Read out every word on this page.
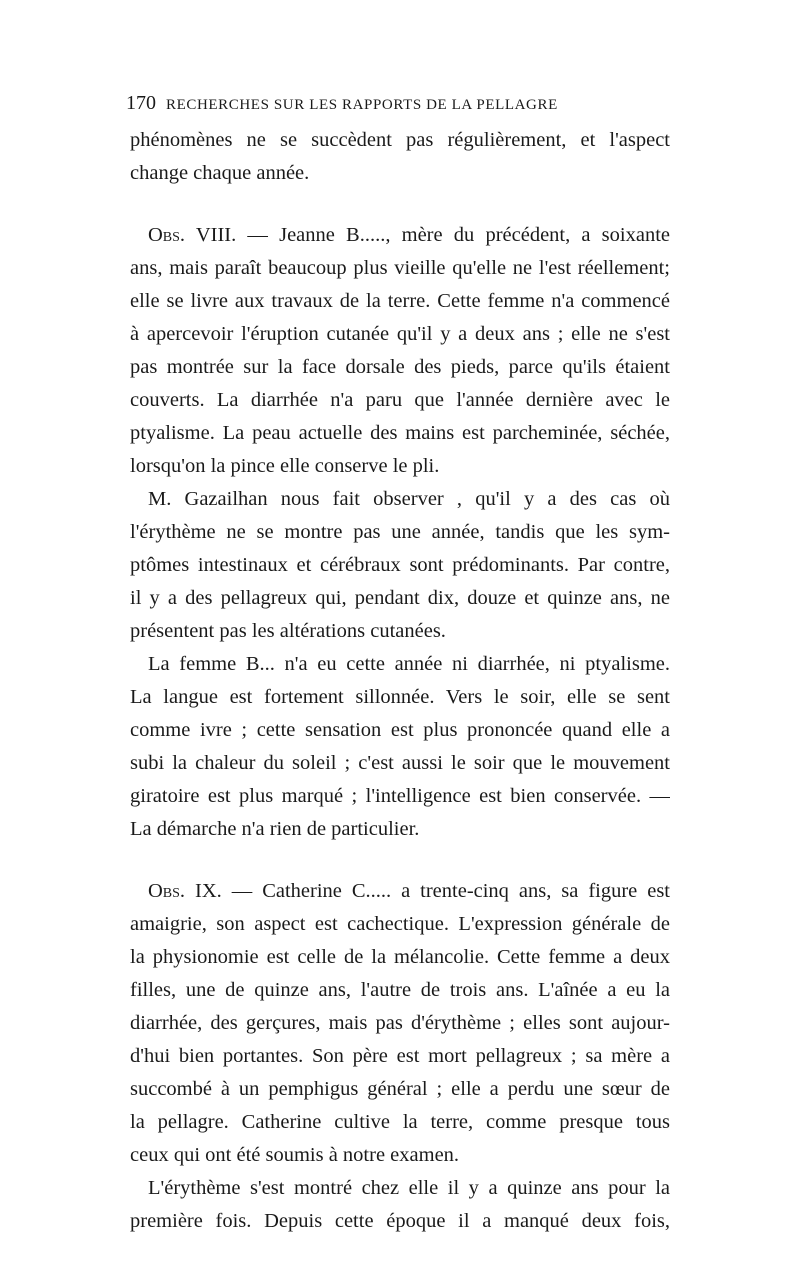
170 RECHERCHES SUR LES RAPPORTS DE LA PELLAGRE
phénomènes ne se succèdent pas régulièrement, et l'aspect
change chaque année.
Obs. VIII. — Jeanne B....., mère du précédent, a soixante
ans, mais paraît beaucoup plus vieille qu'elle ne l'est réellement;
elle se livre aux travaux de la terre. Cette femme n'a commencé
à apercevoir l'éruption cutanée qu'il y a deux ans ; elle ne s'est
pas montrée sur la face dorsale des pieds, parce qu'ils étaient
couverts. La diarrhée n'a paru que l'année dernière avec le
ptyalisme. La peau actuelle des mains est parcheminée, séchée,
lorsqu'on la pince elle conserve le pli.
M. Gazailhan nous fait observer , qu'il y a des cas où
l'érythème ne se montre pas une année, tandis que les sym-
ptômes intestinaux et cérébraux sont prédominants. Par contre,
il y a des pellagreux qui, pendant dix, douze et quinze ans, ne
présentent pas les altérations cutanées.
La femme B... n'a eu cette année ni diarrhée, ni ptyalisme.
La langue est fortement sillonnée. Vers le soir, elle se sent
comme ivre ; cette sensation est plus prononcée quand elle a
subi la chaleur du soleil ; c'est aussi le soir que le mouvement
giratoire est plus marqué ; l'intelligence est bien conservée. —
La démarche n'a rien de particulier.
Obs. IX. — Catherine C..... a trente-cinq ans, sa figure est
amaigrie, son aspect est cachectique. L'expression générale de
la physionomie est celle de la mélancolie. Cette femme a deux
filles, une de quinze ans, l'autre de trois ans. L'aînée a eu la
diarrhée, des gerçures, mais pas d'érythème ; elles sont aujour-
d'hui bien portantes. Son père est mort pellagreux ; sa mère a
succombé à un pemphigus général ; elle a perdu une sœur de
la pellagre. Catherine cultive la terre, comme presque tous
ceux qui ont été soumis à notre examen.
L'érythème s'est montré chez elle il y a quinze ans pour la
première fois. Depuis cette époque il a manqué deux fois,
